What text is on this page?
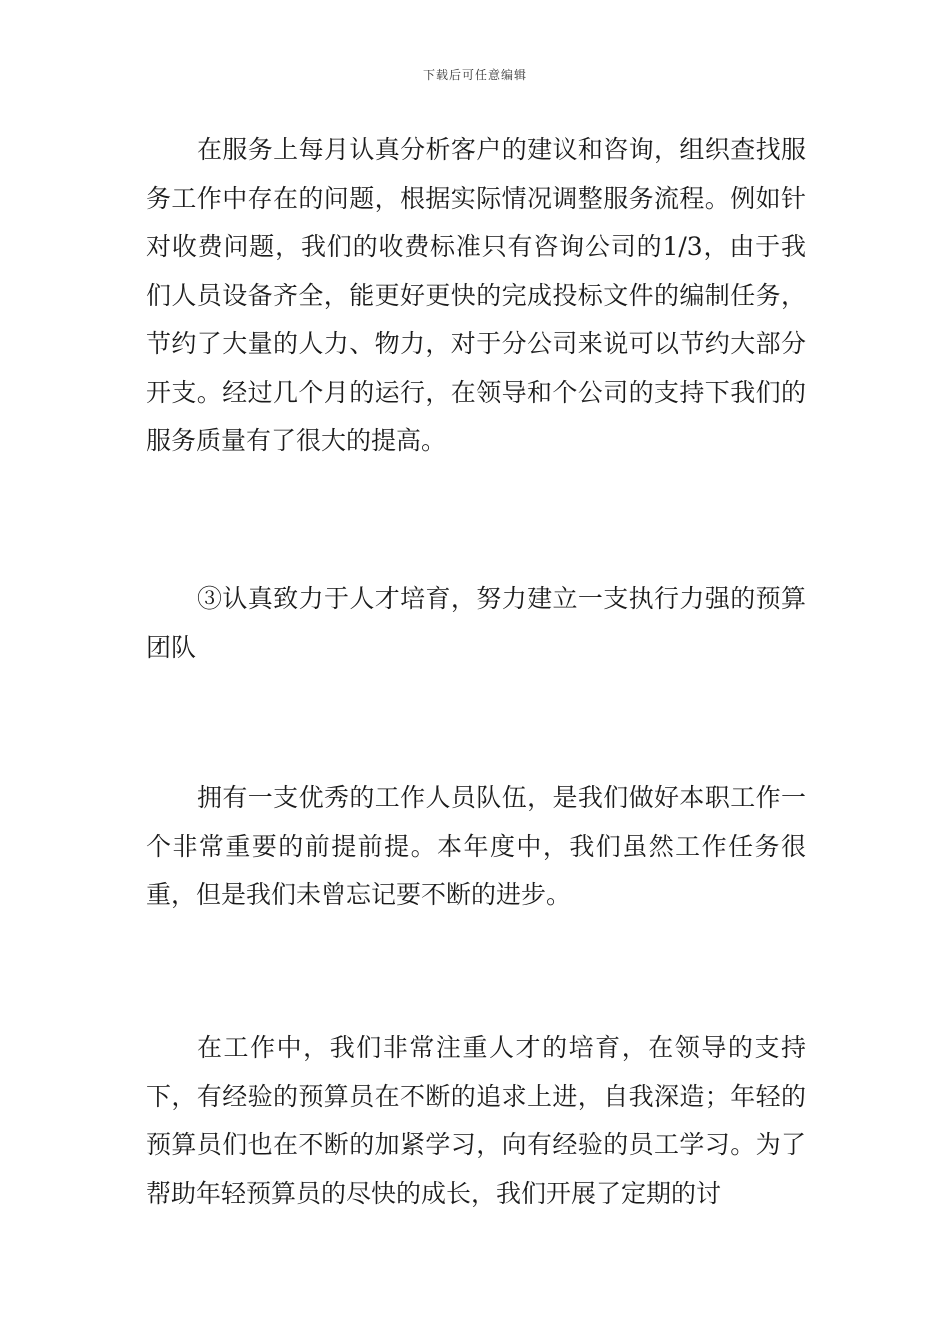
下载后可任意编辑

在服务上每月认真分析客户的建议和咨询，组织查找服务工作中存在的问题，根据实际情况调整服务流程。例如针对收费问题，我们的收费标准只有咨询公司的1/3，由于我们人员设备齐全，能更好更快的完成投标文件的编制任务，节约了大量的人力、物力，对于分公司来说可以节约大部分开支。经过几个月的运行，在领导和个公司的支持下我们的服务质量有了很大的提高。

③认真致力于人才培育，努力建立一支执行力强的预算团队

拥有一支优秀的工作人员队伍，是我们做好本职工作一个非常重要的前提前提。本年度中，我们虽然工作任务很重，但是我们未曾忘记要不断的进步。

在工作中，我们非常注重人才的培育，在领导的支持下，有经验的预算员在不断的追求上进，自我深造；年轻的预算员们也在不断的加紧学习，向有经验的员工学习。为了帮助年轻预算员的尽快的成长，我们开展了定期的讨
